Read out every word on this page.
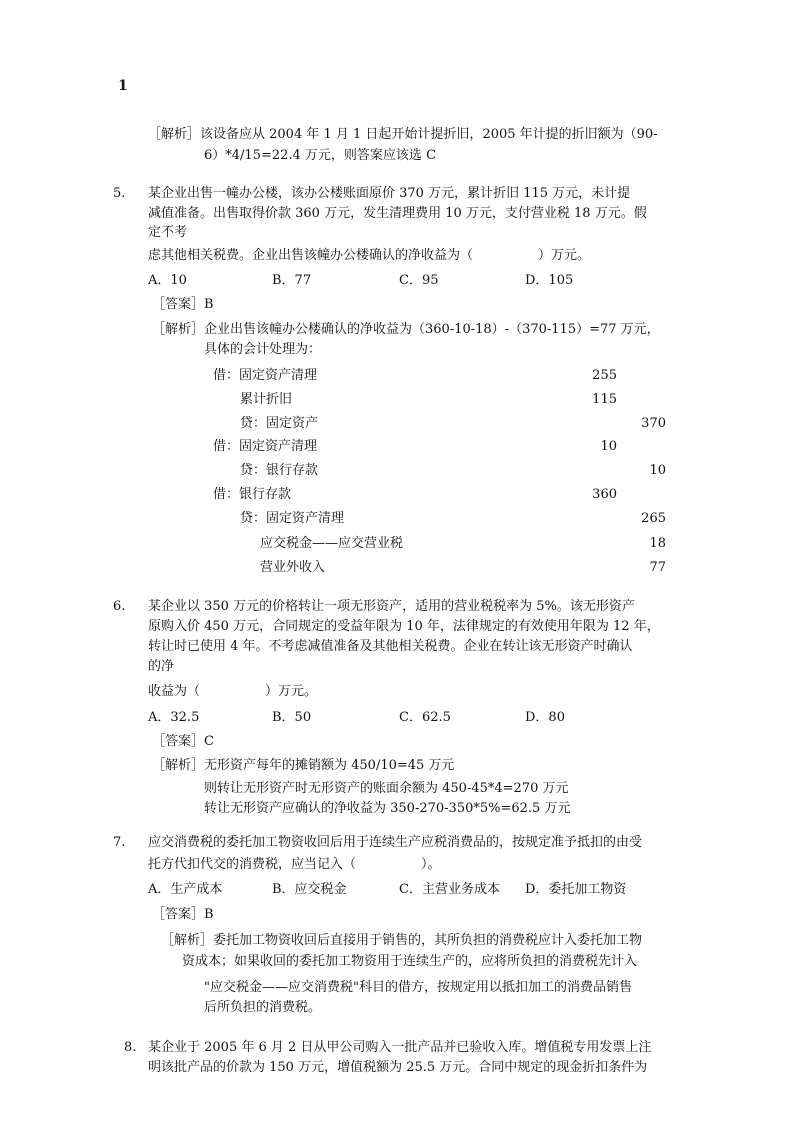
1
［解析］该设备应从 2004 年 1 月 1 日起开始计提折旧，2005 年计提的折旧额为（90-
6）*4/15=22.4 万元，则答案应该选 C
5. 某企业出售一幢办公楼，该办公楼账面原价 370 万元，累计折旧 115 万元，未计提
减值准备。出售取得价款 360 万元，发生清理费用 10 万元，支付营业税 18 万元。假
定不考
虑其他相关税费。企业出售该幢办公楼确认的净收益为（　　　　　）万元。
A．10	B．77	C．95	D．105
［答案］B
［解析］企业出售该幢办公楼确认的净收益为（360-10-18）-（370-115）=77 万元，
具体的会计处理为：
借：固定资产清理	255
累计折旧	115
贷：固定资产	370
借：固定资产清理	10
贷：银行存款	10
借：银行存款	360
贷：固定资产清理	265
应交税金——应交营业税	18
营业外收入	77
6. 某企业以 350 万元的价格转让一项无形资产，适用的营业税税率为 5%。该无形资产
原购入价 450 万元，合同规定的受益年限为 10 年，法律规定的有效使用年限为 12 年，
转让时已使用 4 年。不考虑减值准备及其他相关税费。企业在转让该无形资产时确认
的净
收益为（　　　　　）万元。
A．32.5	B．50	C．62.5	D．80
［答案］C
［解析］无形资产每年的摊销额为 450/10=45 万元
则转让无形资产时无形资产的账面余额为 450-45*4=270 万元
转让无形资产应确认的净收益为 350-270-350*5%=62.5 万元
7. 应交消费税的委托加工物资收回后用于连续生产应税消费品的，按规定准予抵扣的由受
托方代扣代交的消费税，应当记入（　　　　　）。
A．生产成本	B．应交税金	C．主营业务成本 D．委托加工物资
［答案］B
［解析］委托加工物资收回后直接用于销售的，其所负担的消费税应计入委托加工物
资成本；如果收回的委托加工物资用于连续生产的，应将所负担的消费税先计入
"应交税金——应交消费税"科目的借方，按规定用以抵扣加工的消费品销售
后所负担的消费税。
8. 某企业于 2005 年 6 月 2 日从甲公司购入一批产品并已验收入库。增值税专用发票上注
明该批产品的价款为 150 万元，增值税额为 25.5 万元。合同中规定的现金折扣条件为
